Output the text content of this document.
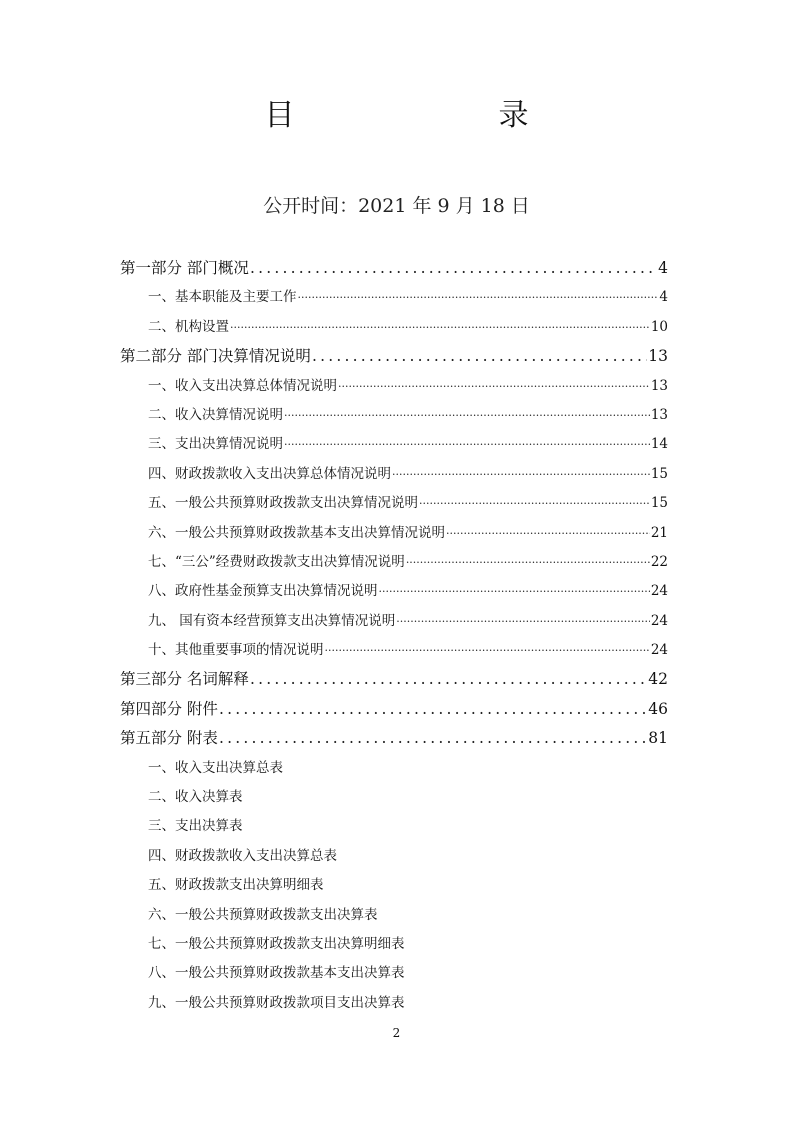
目　　录
公开时间：2021 年 9 月 18 日
第一部分 部门概况 .....	4
一、基本职能及主要工作 ·····	4
二、机构设置 ·····	10
第二部分 部门决算情况说明 .....	13
一、收入支出决算总体情况说明 ·····	13
二、收入决算情况说明 ·····	13
三、支出决算情况说明 ·····	14
四、财政拨款收入支出决算总体情况说明 ·····	15
五、一般公共预算财政拨款支出决算情况说明 ·····	15
六、一般公共预算财政拨款基本支出决算情况说明 ·····	21
七、“三公”经费财政拨款支出决算情况说明 ·····	22
八、政府性基金预算支出决算情况说明 ·····	24
九、 国有资本经营预算支出决算情况说明 ·····	24
十、其他重要事项的情况说明 ·····	24
第三部分 名词解释 .....	42
第四部分 附件 .....	46
第五部分 附表 .....	81
一、收入支出决算总表
二、收入决算表
三、支出决算表
四、财政拨款收入支出决算总表
五、财政拨款支出决算明细表
六、一般公共预算财政拨款支出决算表
七、一般公共预算财政拨款支出决算明细表
八、一般公共预算财政拨款基本支出决算表
九、一般公共预算财政拨款项目支出决算表
2
